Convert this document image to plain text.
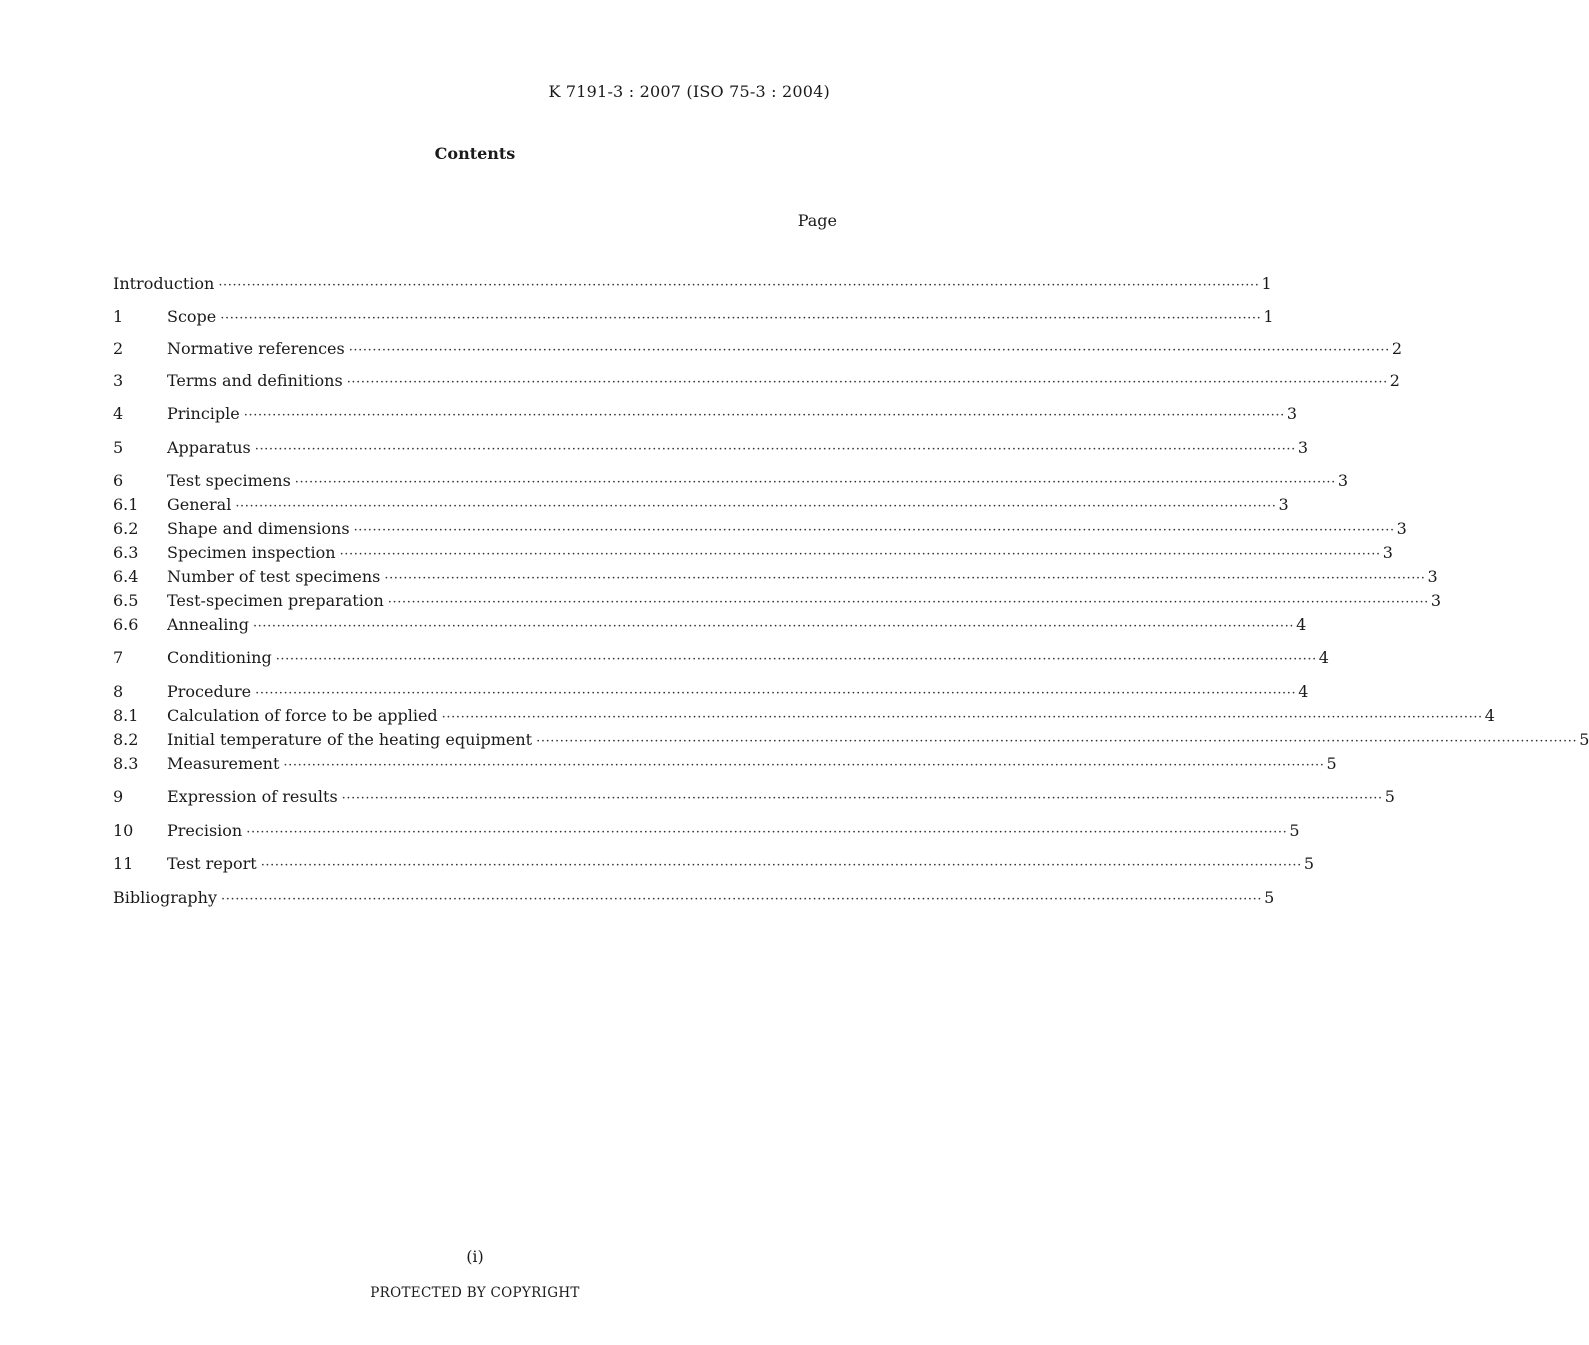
K 7191-3 : 2007 (ISO 75-3 : 2004)
Contents
Page
Introduction ···························································································································································································································· 1
1	Scope ···························································································································································································································· 1
2	Normative references ···························································································································································································································· 2
3	Terms and definitions ···························································································································································································································· 2
4	Principle ···························································································································································································································· 3
5	Apparatus ···························································································································································································································· 3
6	Test specimens ···························································································································································································································· 3
6.1	General ···························································································································································································································· 3
6.2	Shape and dimensions ···························································································································································································································· 3
6.3	Specimen inspection ···························································································································································································································· 3
6.4	Number of test specimens ···························································································································································································································· 3
6.5	Test-specimen preparation ···························································································································································································································· 3
6.6	Annealing ···························································································································································································································· 4
7	Conditioning ···························································································································································································································· 4
8	Procedure ···························································································································································································································· 4
8.1	Calculation of force to be applied ···························································································································································································································· 4
8.2	Initial temperature of the heating equipment ···························································································································································································································· 5
8.3	Measurement ···························································································································································································································· 5
9	Expression of results ···························································································································································································································· 5
10	Precision ···························································································································································································································· 5
11	Test report ···························································································································································································································· 5
Bibliography ···························································································································································································································· 5
(i)
PROTECTED BY COPYRIGHT
